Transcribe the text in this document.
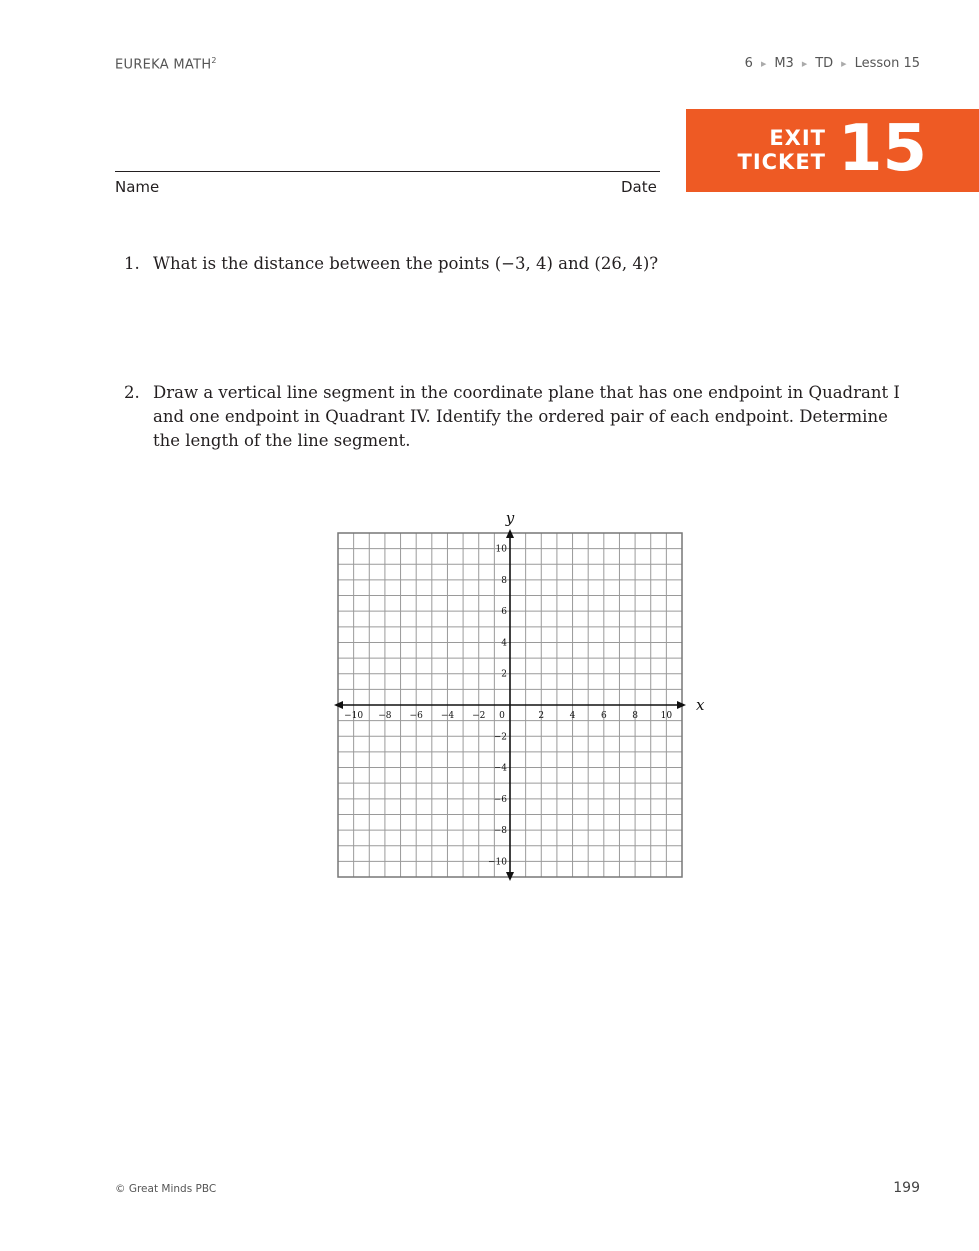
EUREKA MATH$^2$	6 ▶ M3 ▶ TD ▶ Lesson 15
EXIT
TICKET 15
Name	Date
1. What is the distance between the points (−3, 4) and (26, 4)?
2. Draw a vertical line segment in the coordinate plane that has one endpoint in Quadrant I and one endpoint in Quadrant IV. Identify the ordered pair of each endpoint. Determine the length of the line segment.
−10 −8 −6 −4 −2	2	4	6	8	10
10
8
6
4
2
−2
−4
−6
−8
−10
0
x
y
© Great Minds PBC	199
